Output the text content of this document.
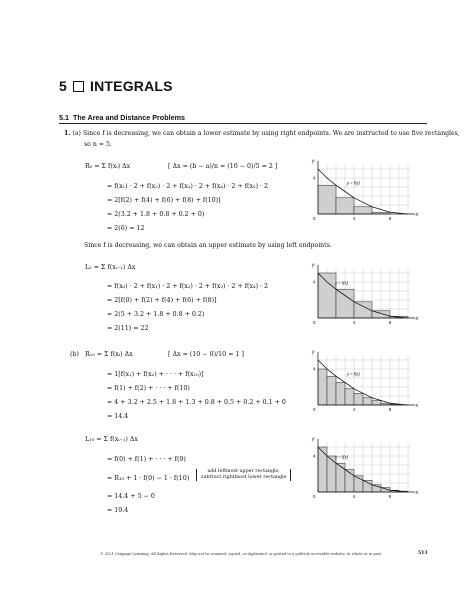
5 INTEGRALS
5.1 The Area and Distance Problems
1. (a) Since f is decreasing, we can obtain a lower estimate by using right endpoints. We are instructed to use five rectangles,
so n = 5.
R₅ = Σ f(xᵢ) Δx	[ Δx = (b − a)/n = (10 − 0)/5 = 2 ]
= f(x₁) · 2 + f(x₂) · 2 + f(x₃) · 2 + f(x₄) · 2 + f(x₅) · 2
= 2[f(2) + f(4) + f(6) + f(8) + f(10)]
≈ 2(3.2 + 1.8 + 0.8 + 0.2 + 0)
= 2(6) = 12
Since f is decreasing, we can obtain an upper estimate by using left endpoints.
L₅ = Σ f(xᵢ₋₁) Δx
= f(x₀) · 2 + f(x₁) · 2 + f(x₂) · 2 + f(x₃) · 2 + f(x₄) · 2
= 2[f(0) + f(2) + f(4) + f(6) + f(8)]
≈ 2(5 + 3.2 + 1.8 + 0.8 + 0.2)
= 2(11) = 22
(b) R₁₀ = Σ f(xᵢ) Δx	[ Δx = (10 − 0)/10 = 1 ]
= 1[f(x₁) + f(x₂) + · · · + f(x₁₀)]
= f(1) + f(2) + · · · + f(10)
≈ 4 + 3.2 + 2.5 + 1.8 + 1.3 + 0.8 + 0.5 + 0.2 + 0.1 + 0
= 14.4
L₁₀ = Σ f(xᵢ₋₁) Δx
= f(0) + f(1) + · · · + f(9)
= R₁₀ + 1 · f(0) − 1 · f(10)
add leftmost upper rectangle,
subtract rightmost lower rectangle
= 14.4 + 5 − 0
= 19.4
y
x
0	4	8
4
y = f(x)
y
x
0	4	8
4	y = f(x)
y
x
0	4	8
4
y = f(x)
y
x
0	4	8
4	y = f(x)
© 2021 Cengage Learning. All Rights Reserved. May not be scanned, copied, or duplicated, or posted to a publicly accessible website, in whole or in part.	513
